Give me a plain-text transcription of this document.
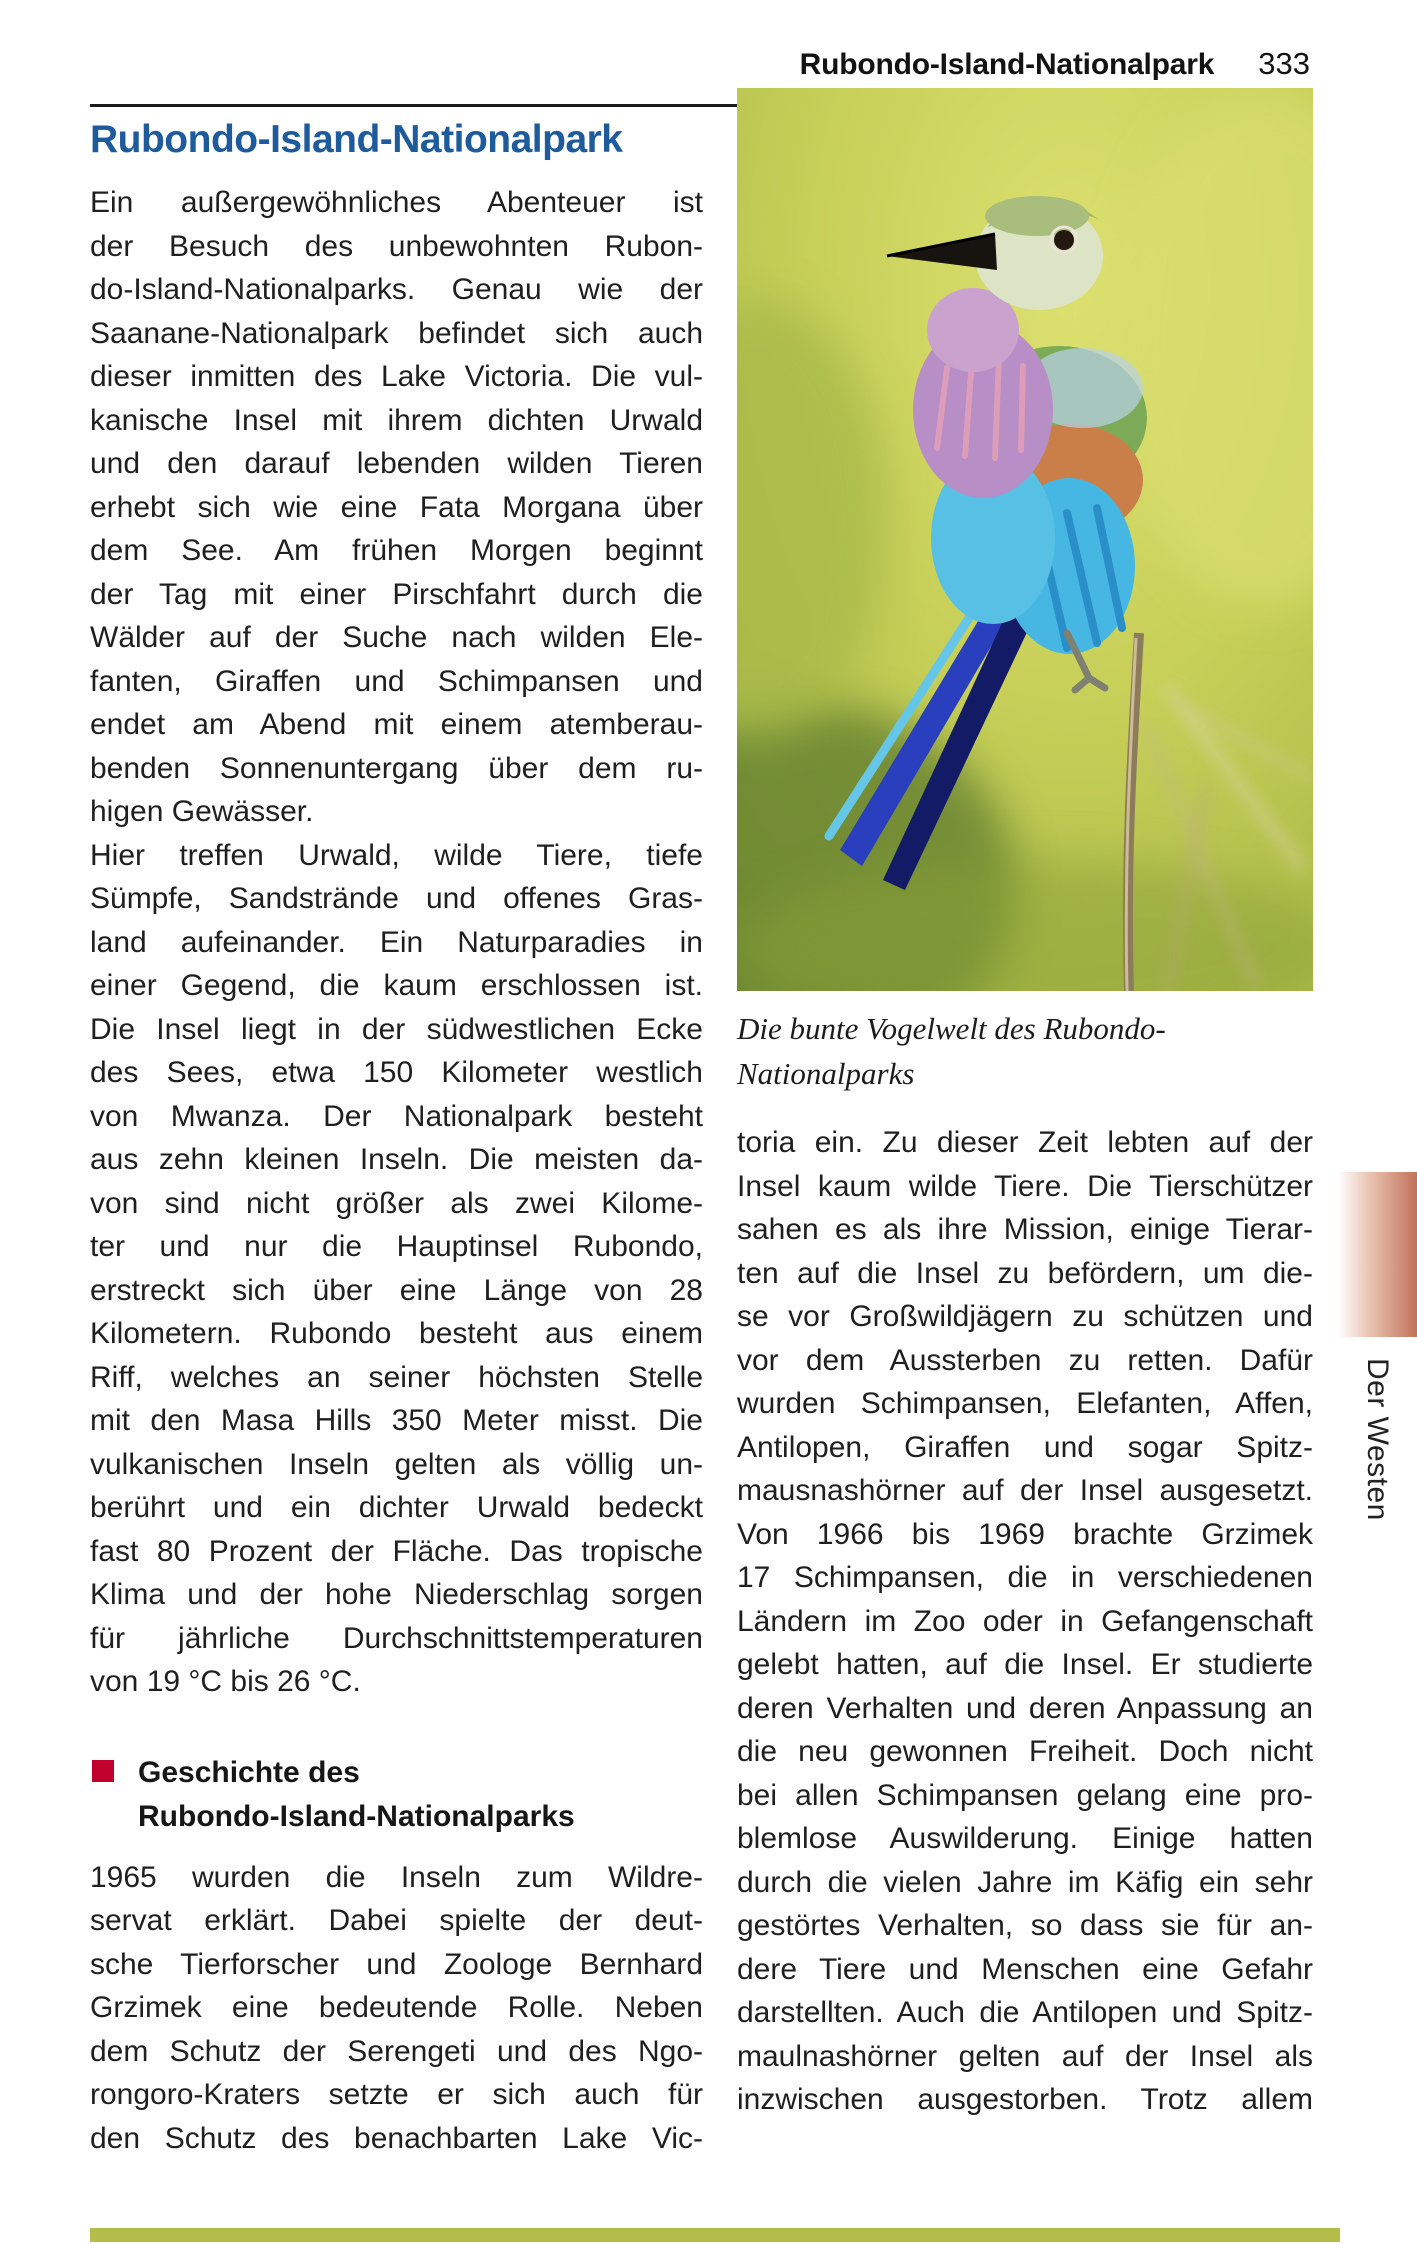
Rubondo-Island-Nationalpark 333
Rubondo-Island-Nationalpark
Ein außergewöhnliches Abenteuer ist
der Besuch des unbewohnten Rubon-
do-Island-Nationalparks. Genau wie der
Saanane-Nationalpark befindet sich auch
dieser inmitten des Lake Victoria. Die vul-
kanische Insel mit ihrem dichten Urwald
und den darauf lebenden wilden Tieren
erhebt sich wie eine Fata Morgana über
dem See. Am frühen Morgen beginnt
der Tag mit einer Pirschfahrt durch die
Wälder auf der Suche nach wilden Ele-
fanten, Giraffen und Schimpansen und
endet am Abend mit einem atemberau-
benden Sonnenuntergang über dem ru-
higen Gewässer.
Hier treffen Urwald, wilde Tiere, tiefe
Sümpfe, Sandstrände und offenes Gras-
land aufeinander. Ein Naturparadies in
einer Gegend, die kaum erschlossen ist.
Die Insel liegt in der südwestlichen Ecke
des Sees, etwa 150 Kilometer westlich
von Mwanza. Der Nationalpark besteht
aus zehn kleinen Inseln. Die meisten da-
von sind nicht größer als zwei Kilome-
ter und nur die Hauptinsel Rubondo,
erstreckt sich über eine Länge von 28
Kilometern. Rubondo besteht aus einem
Riff, welches an seiner höchsten Stelle
mit den Masa Hills 350 Meter misst. Die
vulkanischen Inseln gelten als völlig un-
berührt und ein dichter Urwald bedeckt
fast 80 Prozent der Fläche. Das tropische
Klima und der hohe Niederschlag sorgen
für jährliche Durchschnittstemperaturen
von 19 °C bis 26 °C.
Geschichte des
Rubondo-Island-Nationalparks
1965 wurden die Inseln zum Wildre-
servat erklärt. Dabei spielte der deut-
sche Tierforscher und Zoologe Bernhard
Grzimek eine bedeutende Rolle. Neben
dem Schutz der Serengeti und des Ngo-
rongoro-Kraters setzte er sich auch für
den Schutz des benachbarten Lake Vic-
Die bunte Vogelwelt des Rubondo-
Nationalparks
toria ein. Zu dieser Zeit lebten auf der
Insel kaum wilde Tiere. Die Tierschützer
sahen es als ihre Mission, einige Tierar-
ten auf die Insel zu befördern, um die-
se vor Großwildjägern zu schützen und
vor dem Aussterben zu retten. Dafür
wurden Schimpansen, Elefanten, Affen,
Antilopen, Giraffen und sogar Spitz-
mausnashörner auf der Insel ausgesetzt.
Von 1966 bis 1969 brachte Grzimek
17 Schimpansen, die in verschiedenen
Ländern im Zoo oder in Gefangenschaft
gelebt hatten, auf die Insel. Er studierte
deren Verhalten und deren Anpassung an
die neu gewonnen Freiheit. Doch nicht
bei allen Schimpansen gelang eine pro-
blemlose Auswilderung. Einige hatten
durch die vielen Jahre im Käfig ein sehr
gestörtes Verhalten, so dass sie für an-
dere Tiere und Menschen eine Gefahr
darstellten. Auch die Antilopen und Spitz-
maulnashörner gelten auf der Insel als
inzwischen ausgestorben. Trotz allem
Der Westen
